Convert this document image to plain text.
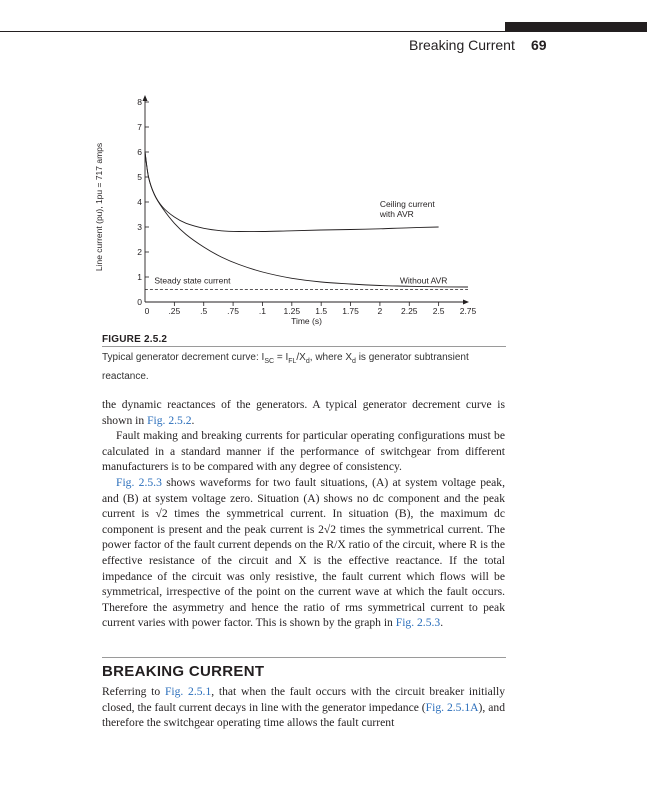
Breaking Current 69
0 .25 .5 .75 .1 1.25 1.5 1.75 2 2.25 2.5 2.75
0
1
2
3
4
5
6
7
8
Time (s)
Line current (pu), 1pu = 717 amps	Ceiling current
with AVR
Without AVR
Steady state current
FIGURE 2.5.2
Typical generator decrement curve: $I_{SC} = I_{FL}/X_d$, where $X_d$ is generator subtransient reactance.

the dynamic reactances of the generators. A typical generator decrement curve is shown in Fig. 2.5.2.

Fault making and breaking currents for particular operating configurations must be calculated in a standard manner if the performance of switchgear from different manufacturers is to be compared with any degree of consistency.

Fig. 2.5.3 shows waveforms for two fault situations, (A) at system voltage peak, and (B) at system voltage zero. Situation (A) shows no dc component and the peak current is √2 times the symmetrical current. In situation (B), the maximum dc component is present and the peak current is 2√2 times the symmetrical current. The power factor of the fault current depends on the R/X ratio of the circuit, where R is the effective resistance of the circuit and X is the effective reactance. If the total impedance of the circuit was only resistive, the fault current which flows will be symmetrical, irrespective of the point on the current wave at which the fault occurs. Therefore the asymmetry and hence the ratio of rms symmetrical current to peak current varies with power factor. This is shown by the graph in Fig. 2.5.3.

BREAKING CURRENT

Referring to Fig. 2.5.1, that when the fault occurs with the circuit breaker initially closed, the fault current decays in line with the generator impedance (Fig. 2.5.1A), and therefore the switchgear operating time allows the fault current
